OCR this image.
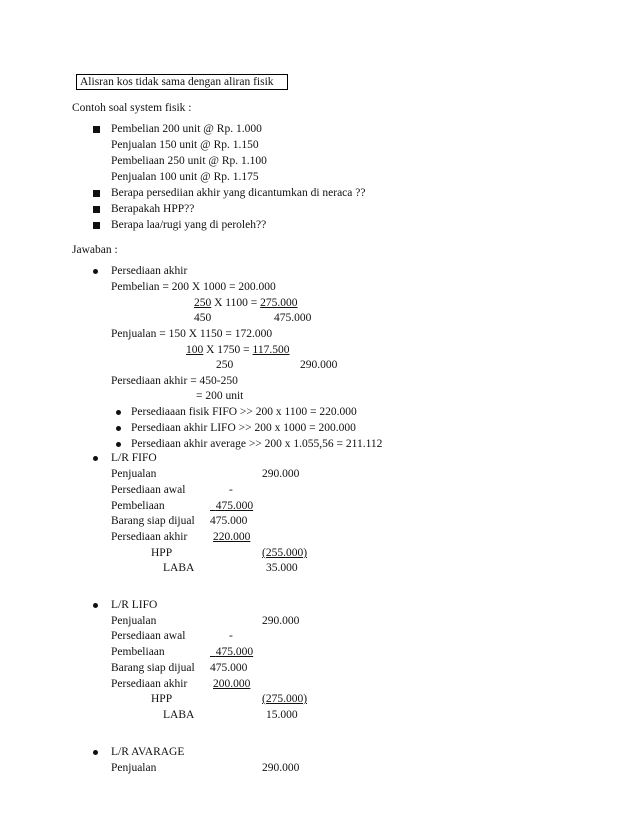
Alisran kos tidak sama dengan aliran fisik
Contoh soal system fisik :
Pembelian 200 unit @ Rp. 1.000
Penjualan 150 unit @ Rp. 1.150
Pembeliaan 250 unit @ Rp. 1.100
Penjualan 100 unit @ Rp. 1.175
Berapa persediian akhir yang dicantumkan di neraca ??
Berapakah HPP??
Berapa laa/rugi yang di peroleh??
Jawaban :
Persediaan akhir
Pembelian = 200 X 1000 = 200.000
250 X 1100 = 275.000
450	475.000
Penjualan = 150 X 1150 = 172.000
100 X 1750 = 117.500
250	290.000
Persediaan akhir = 450-250
= 200 unit
Persediaaan fisik FIFO >> 200 x 1100 = 220.000
Persediaan akhir LIFO >> 200 x 1000 = 200.000
Persediaan akhir average >> 200 x 1.055,56 = 211.112
L/R FIFO
Penjualan	290.000
Persediaan awal	-
Pembeliaan	475.000
Barang siap dijual 475.000
Persediaan akhir 220.000
HPP	(255.000)
LABA	35.000
L/R LIFO
Penjualan	290.000
Persediaan awal	-
Pembeliaan	475.000
Barang siap dijual 475.000
Persediaan akhir 200.000
HPP	(275.000)
LABA	15.000
L/R AVARAGE
Penjualan	290.000
